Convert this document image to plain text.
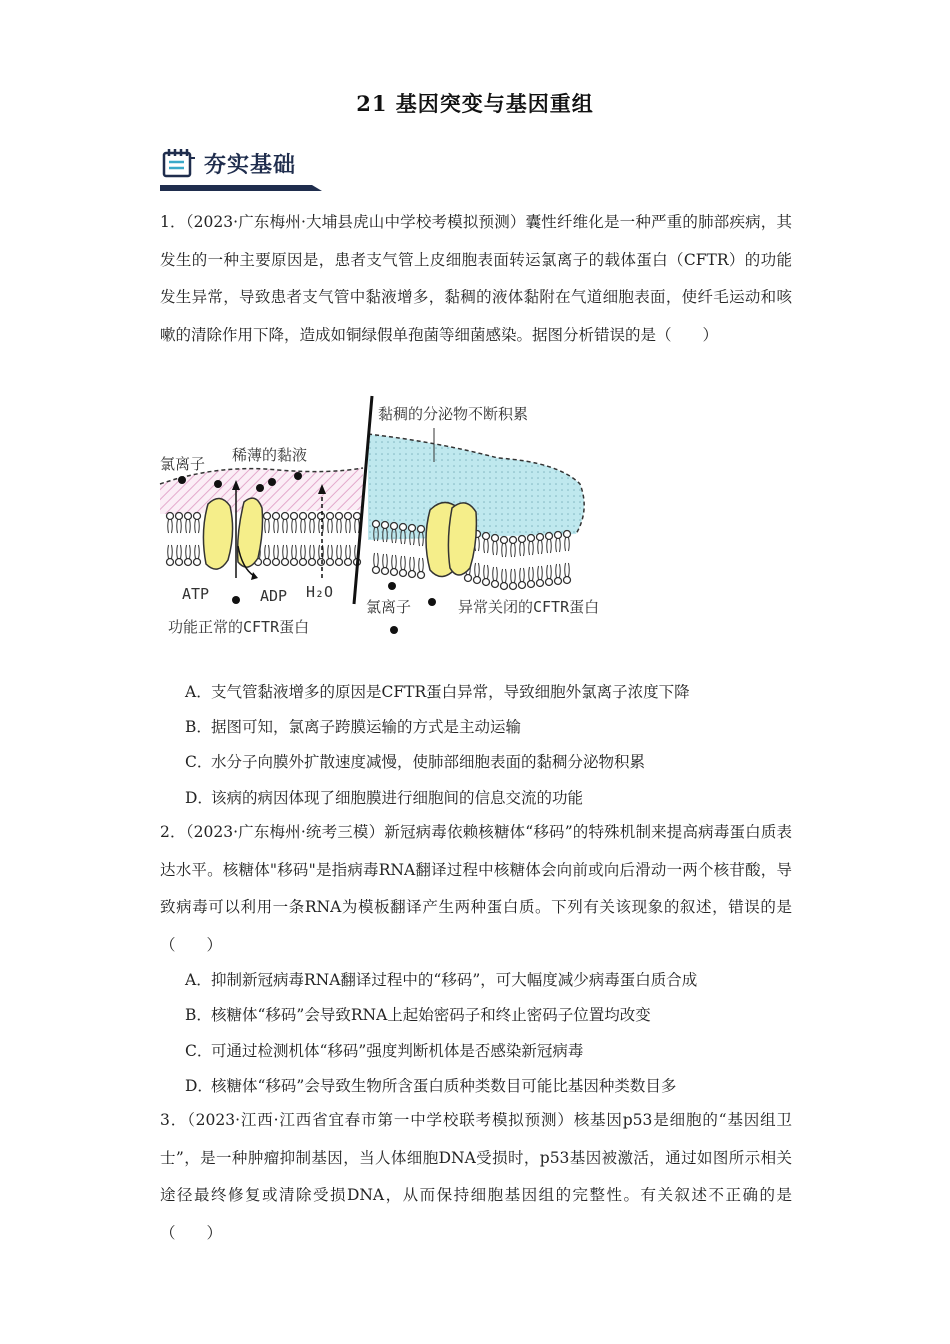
21 基因突变与基因重组
夯实基础
1．（2023·广东梅州·大埔县虎山中学校考模拟预测）囊性纤维化是一种严重的肺部疾病，其发生的一种主要原因是，患者支气管上皮细胞表面转运氯离子的载体蛋白（CFTR）的功能发生异常，导致患者支气管中黏液增多，黏稠的液体黏附在气道细胞表面，使纤毛运动和咳嗽的清除作用下降，造成如铜绿假单孢菌等细菌感染。据图分析错误的是（　　）
黏稠的分泌物不断积累
氯离子 稀薄的黏液
ATP	ADP H₂O
氯离子
功能正常的CFTR蛋白
异常关闭的CFTR蛋白
A．支气管黏液增多的原因是CFTR蛋白异常，导致细胞外氯离子浓度下降
B．据图可知，氯离子跨膜运输的方式是主动运输
C．水分子向膜外扩散速度减慢，使肺部细胞表面的黏稠分泌物积累
D．该病的病因体现了细胞膜进行细胞间的信息交流的功能
2．（2023·广东梅州·统考三模）新冠病毒依赖核糖体“移码”的特殊机制来提高病毒蛋白质表达水平。核糖体"移码"是指病毒RNA翻译过程中核糖体会向前或向后滑动一两个核苷酸，导致病毒可以利用一条RNA为模板翻译产生两种蛋白质。下列有关该现象的叙述，错误的是（　　）
A．抑制新冠病毒RNA翻译过程中的“移码”，可大幅度减少病毒蛋白质合成
B．核糖体“移码”会导致RNA上起始密码子和终止密码子位置均改变
C．可通过检测机体“移码”强度判断机体是否感染新冠病毒
D．核糖体“移码”会导致生物所含蛋白质种类数目可能比基因种类数目多
3．（2023·江西·江西省宜春市第一中学校联考模拟预测）核基因p53是细胞的“基因组卫士”，是一种肿瘤抑制基因，当人体细胞DNA受损时，p53基因被激活，通过如图所示相关途径最终修复或清除受损DNA，从而保持细胞基因组的完整性。有关叙述不正确的是（　　）
